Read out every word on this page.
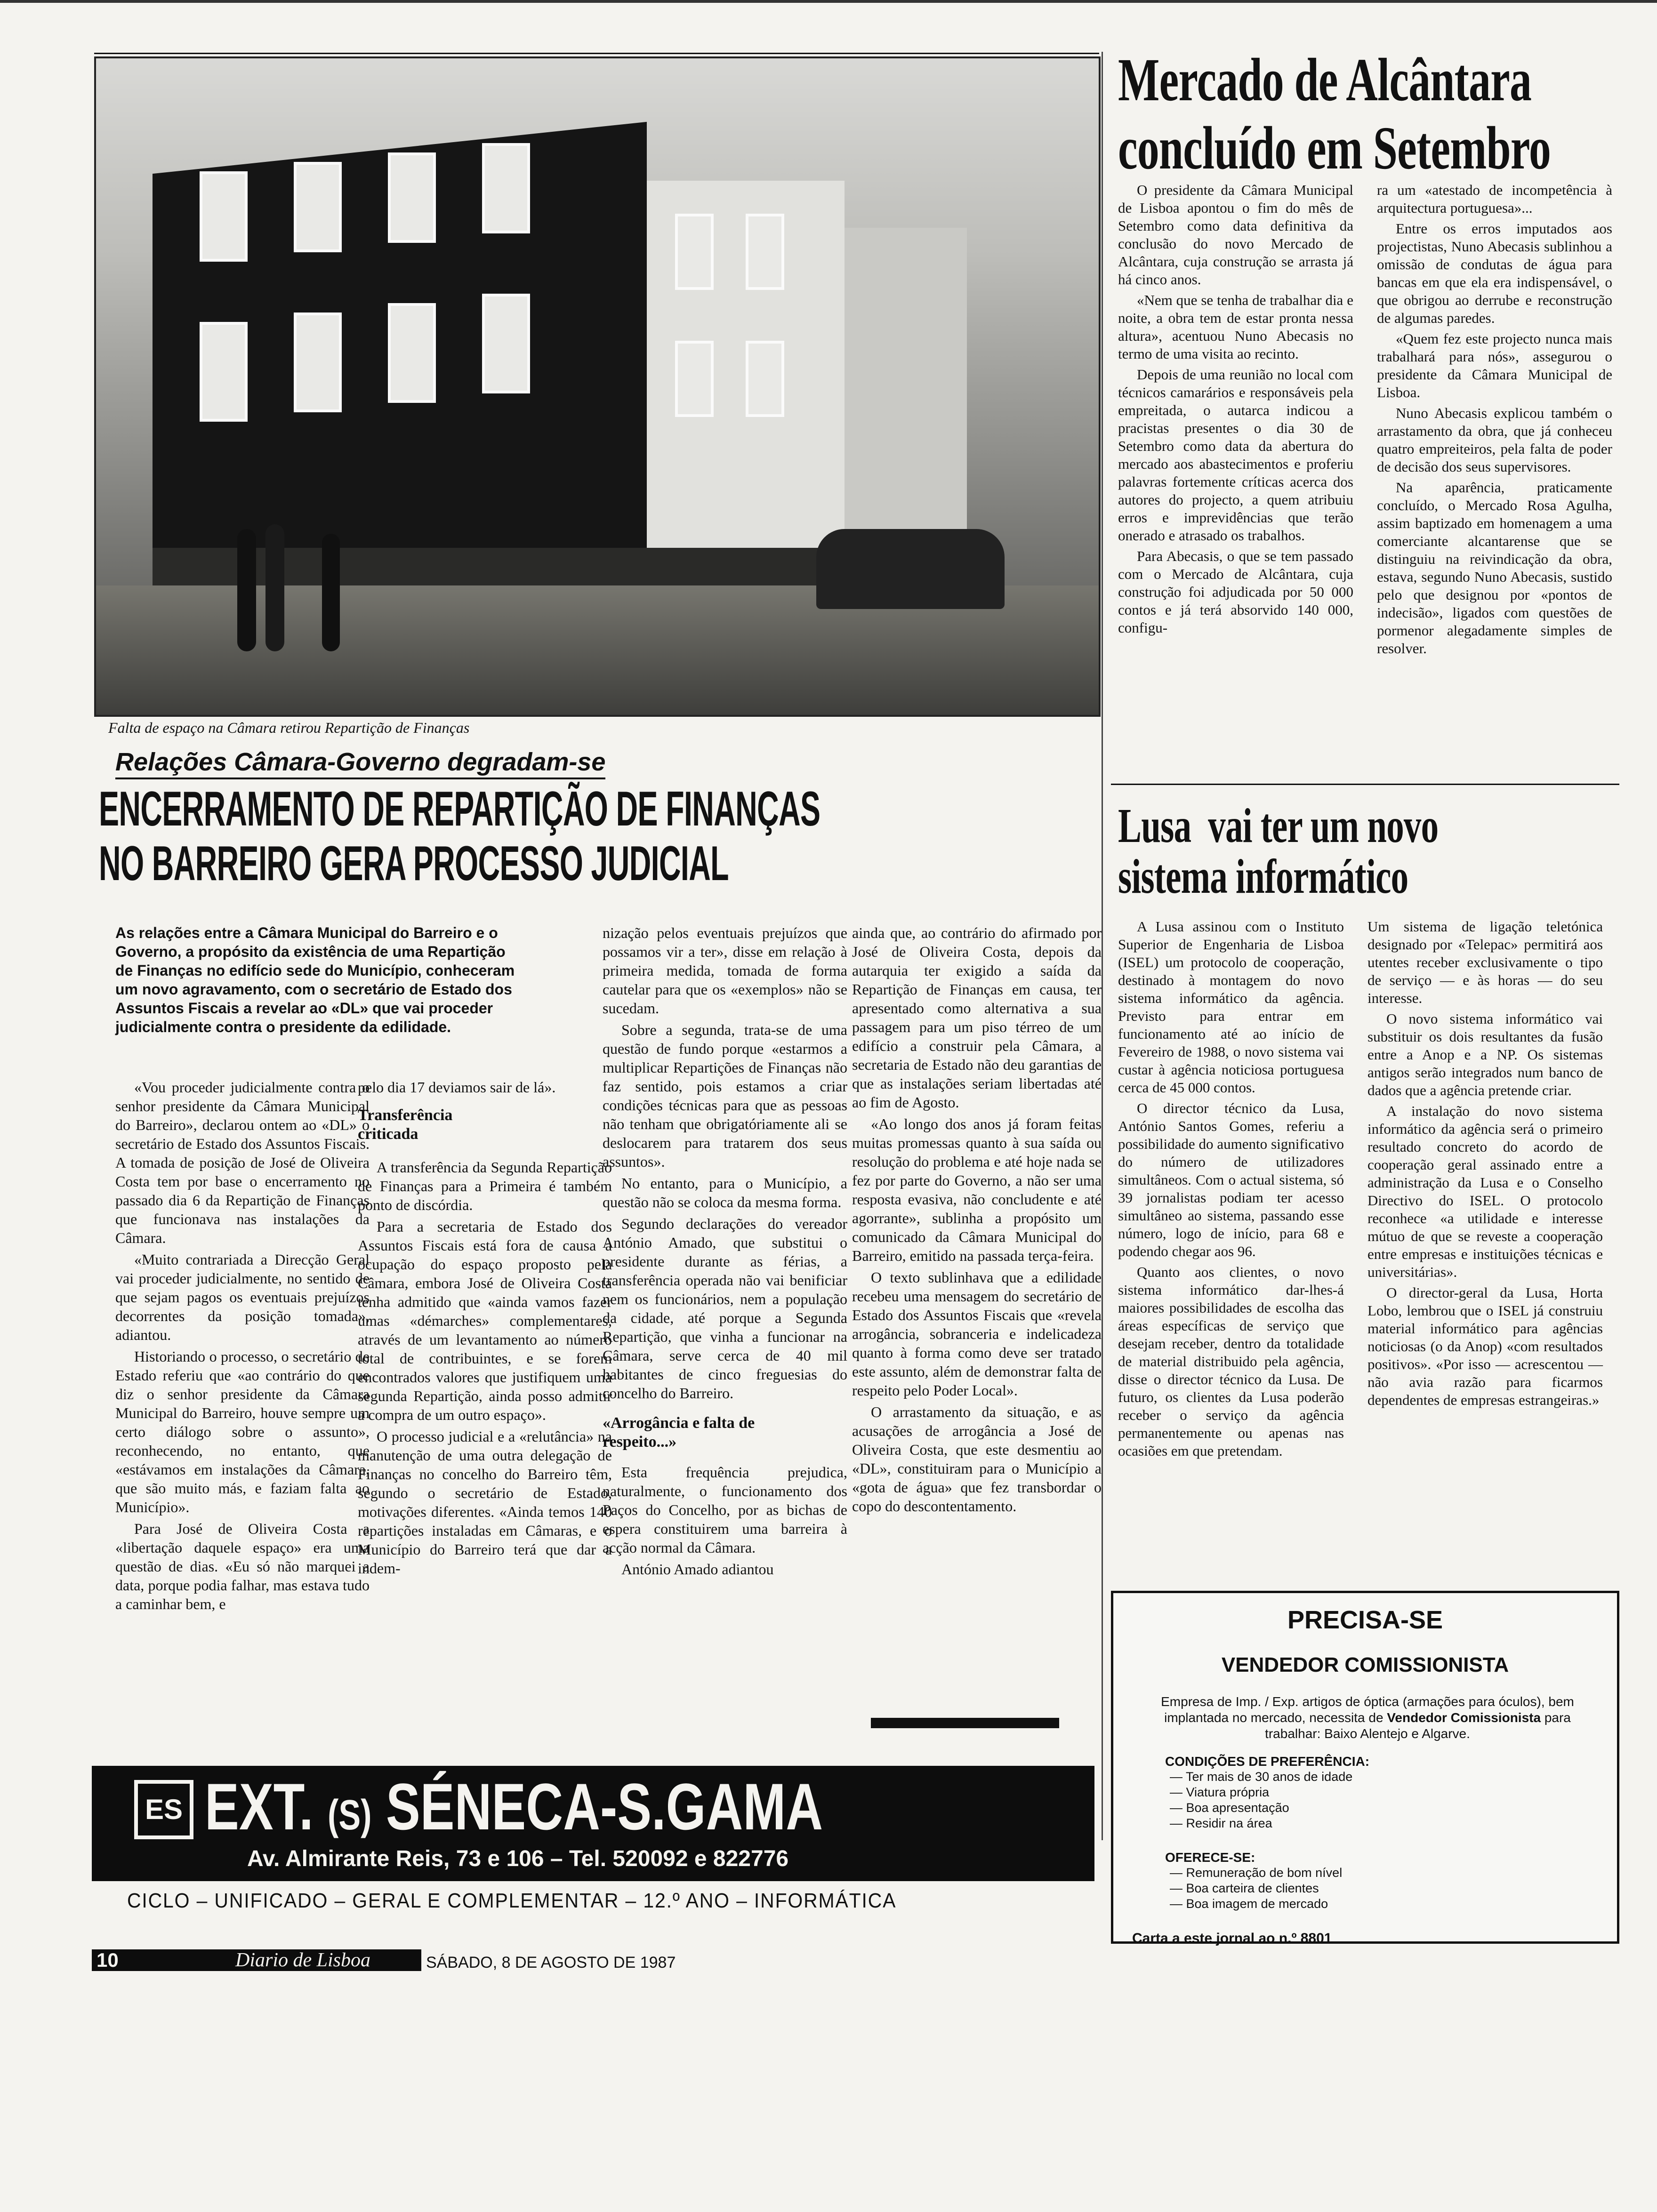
Falta de espaço na Câmara retirou Repartição de Finanças
Relações Câmara-Governo degradam-se
ENCERRAMENTO DE REPARTIÇÃO DE FINANÇAS
NO BARREIRO GERA PROCESSO JUDICIAL
As relações entre a Câmara Municipal do Barreiro e o Governo, a propósito da existência de uma Repartição de Finanças no edifício sede do Município, conheceram um novo agravamento, com o secretário de Estado dos Assuntos Fiscais a revelar ao «DL» que vai proceder judicialmente contra o presidente da edilidade.

«Vou proceder judicialmente contra o senhor presidente da Câmara Municipal do Barreiro», declarou ontem ao «DL» o secretário de Estado dos Assuntos Fiscais. A tomada de posição de José de Oliveira Costa tem por base o encerramento no passado dia 6 da Repartição de Finanças que funcionava nas instalações da Câmara.

«Muito contrariada a Direcção Geral vai proceder judicialmente, no sentido de que sejam pagos os eventuais prejuízos decorrentes da posição tomada», adiantou.

Historiando o processo, o secretário de Estado referiu que «ao contrário do que diz o senhor presidente da Câmara Municipal do Barreiro, houve sempre um certo diálogo sobre o assunto», reconhecendo, no entanto, que «estávamos em instalações da Câmara, que são muito más, e faziam falta ao Município».

Para José de Oliveira Costa a «libertação daquele espaço» era uma questão de dias. «Eu só não marquei a data, porque podia falhar, mas estava tudo a caminhar bem, e

pelo dia 17 deviamos sair de lá».

Transferência criticada

A transferência da Segunda Repartição de Finanças para a Primeira é também ponto de discórdia.

Para a secretaria de Estado dos Assuntos Fiscais está fora de causa a ocupação do espaço proposto pela Câmara, embora José de Oliveira Costa tenha admitido que «ainda vamos fazer umas «démarches» complementares, através de um levantamento ao número total de contribuintes, e se forem encontrados valores que justifiquem uma segunda Repartição, ainda posso admitir a compra de um outro espaço».

O processo judicial e a «relutância» na manutenção de uma outra delegação de Finanças no concelho do Barreiro têm, segundo o secretário de Estado, motivações diferentes. «Ainda temos 140 repartições instaladas em Câmaras, e o Município do Barreiro terá que dar a indem-

nização pelos eventuais prejuízos que possamos vir a ter», disse em relação à primeira medida, tomada de forma cautelar para que os «exemplos» não se sucedam.

Sobre a segunda, trata-se de uma questão de fundo porque «estarmos a multiplicar Repartições de Finanças não faz sentido, pois estamos a criar condições técnicas para que as pessoas não tenham que obrigatóriamente ali se deslocarem para tratarem dos seus assuntos».

No entanto, para o Município, a questão não se coloca da mesma forma.

Segundo declarações do vereador António Amado, que substitui o presidente durante as férias, a transferência operada não vai benificiar nem os funcionários, nem a população da cidade, até porque a Segunda Repartição, que vinha a funcionar na Câmara, serve cerca de 40 mil habitantes de cinco freguesias do concelho do Barreiro.

«Arrogância e falta de respeito...»

Esta frequência prejudica, naturalmente, o funcionamento dos Paços do Concelho, por as bichas de espera constituirem uma barreira à acção normal da Câmara.

António Amado adiantou

ainda que, ao contrário do afirmado por José de Oliveira Costa, depois da autarquia ter exigido a saída da Repartição de Finanças em causa, ter apresentado como alternativa a sua passagem para um piso térreo de um edifício a construir pela Câmara, a secretaria de Estado não deu garantias de que as instalações seriam libertadas até ao fim de Agosto.

«Ao longo dos anos já foram feitas muitas promessas quanto à sua saída ou resolução do problema e até hoje nada se fez por parte do Governo, a não ser uma resposta evasiva, não concludente e até agorrante», sublinha a propósito um comunicado da Câmara Municipal do Barreiro, emitido na passada terça-feira.

O texto sublinhava que a edilidade recebeu uma mensagem do secretário de Estado dos Assuntos Fiscais que «revela arrogância, sobranceria e indelicadeza quanto à forma como deve ser tratado este assunto, além de demonstrar falta de respeito pelo Poder Local».

O arrastamento da situação, e as acusações de arrogância a José de Oliveira Costa, que este desmentiu ao «DL», constituiram para o Município a «gota de água» que fez transbordar o copo do descontentamento.

Mercado de Alcântara
concluído em Setembro

O presidente da Câmara Municipal de Lisboa apontou o fim do mês de Setembro como data definitiva da conclusão do novo Mercado de Alcântara, cuja construção se arrasta já há cinco anos.

«Nem que se tenha de trabalhar dia e noite, a obra tem de estar pronta nessa altura», acentuou Nuno Abecasis no termo de uma visita ao recinto.

Depois de uma reunião no local com técnicos camarários e responsáveis pela empreitada, o autarca indicou a pracistas presentes o dia 30 de Setembro como data da abertura do mercado aos abastecimentos e proferiu palavras fortemente críticas acerca dos autores do projecto, a quem atribuiu erros e imprevidências que terão onerado e atrasado os trabalhos.

Para Abecasis, o que se tem passado com o Mercado de Alcântara, cuja construção foi adjudicada por 50 000 contos e já terá absorvido 140 000, configu-

ra um «atestado de incompetência à arquitectura portuguesa»...

Entre os erros imputados aos projectistas, Nuno Abecasis sublinhou a omissão de condutas de água para bancas em que ela era indispensável, o que obrigou ao derrube e reconstrução de algumas paredes.

«Quem fez este projecto nunca mais trabalhará para nós», assegurou o presidente da Câmara Municipal de Lisboa.

Nuno Abecasis explicou também o arrastamento da obra, que já conheceu quatro empreiteiros, pela falta de poder de decisão dos seus supervisores.

Na aparência, praticamente concluído, o Mercado Rosa Agulha, assim baptizado em homenagem a uma comerciante alcantarense que se distinguiu na reivindicação da obra, estava, segundo Nuno Abecasis, sustido pelo que designou por «pontos de indecisão», ligados com questões de pormenor alegadamente simples de resolver.

Lusa  vai ter um novo
sistema informático

A Lusa assinou com o Instituto Superior de Engenharia de Lisboa (ISEL) um protocolo de cooperação, destinado à montagem do novo sistema informático da agência. Previsto para entrar em funcionamento até ao início de Fevereiro de 1988, o novo sistema vai custar à agência noticiosa portuguesa cerca de 45 000 contos.

O director técnico da Lusa, António Santos Gomes, referiu a possibilidade do aumento significativo do número de utilizadores simultâneos. Com o actual sistema, só 39 jornalistas podiam ter acesso simultâneo ao sistema, passando esse número, logo de início, para 68 e podendo chegar aos 96.

Quanto aos clientes, o novo sistema informático dar-lhes-á maiores possibilidades de escolha das áreas específicas de serviço que desejam receber, dentro da totalidade de material distribuido pela agência, disse o director técnico da Lusa. De futuro, os clientes da Lusa poderão receber o serviço da agência permanentemente ou apenas nas ocasiões em que pretendam.

Um sistema de ligação teletónica designado por «Telepac» permitirá aos utentes receber exclusivamente o tipo de serviço — e às horas — do seu interesse.

O novo sistema informático vai substituir os dois resultantes da fusão entre a Anop e a NP. Os sistemas antigos serão integrados num banco de dados que a agência pretende criar.

A instalação do novo sistema informático da agência será o primeiro resultado concreto do acordo de cooperação geral assinado entre a administração da Lusa e o Conselho Directivo do ISEL. O protocolo reconhece «a utilidade e interesse mútuo de que se reveste a cooperação entre empresas e instituições técnicas e universitárias».

O director-geral da Lusa, Horta Lobo, lembrou que o ISEL já construiu material informático para agências noticiosas (o da Anop) «com resultados positivos». «Por isso — acrescentou — não avia razão para ficarmos dependentes de empresas estrangeiras.»

PRECISA-SE
VENDEDOR COMISSIONISTA
Empresa de Imp. / Exp. artigos de óptica (armações para óculos), bem implantada no mercado, necessita de Vendedor Comissionista para trabalhar: Baixo Alentejo e Algarve.
CONDIÇÕES DE PREFERÊNCIA:
— Ter mais de 30 anos de idade
— Viatura própria
— Boa apresentação
— Residir na área
OFERECE-SE:
— Remuneração de bom nível
— Boa carteira de clientes
— Boa imagem de mercado
Carta a este jornal ao n.º 8801
ES EXT. (S) SÉNECA-S.GAMA
Av. Almirante Reis, 73 e 106 – Tel. 520092 e 822776
CICLO – UNIFICADO – GERAL E COMPLEMENTAR – 12.º ANO – INFORMÁTICA
10	Diario de Lisboa	SÁBADO, 8 DE AGOSTO DE 1987
